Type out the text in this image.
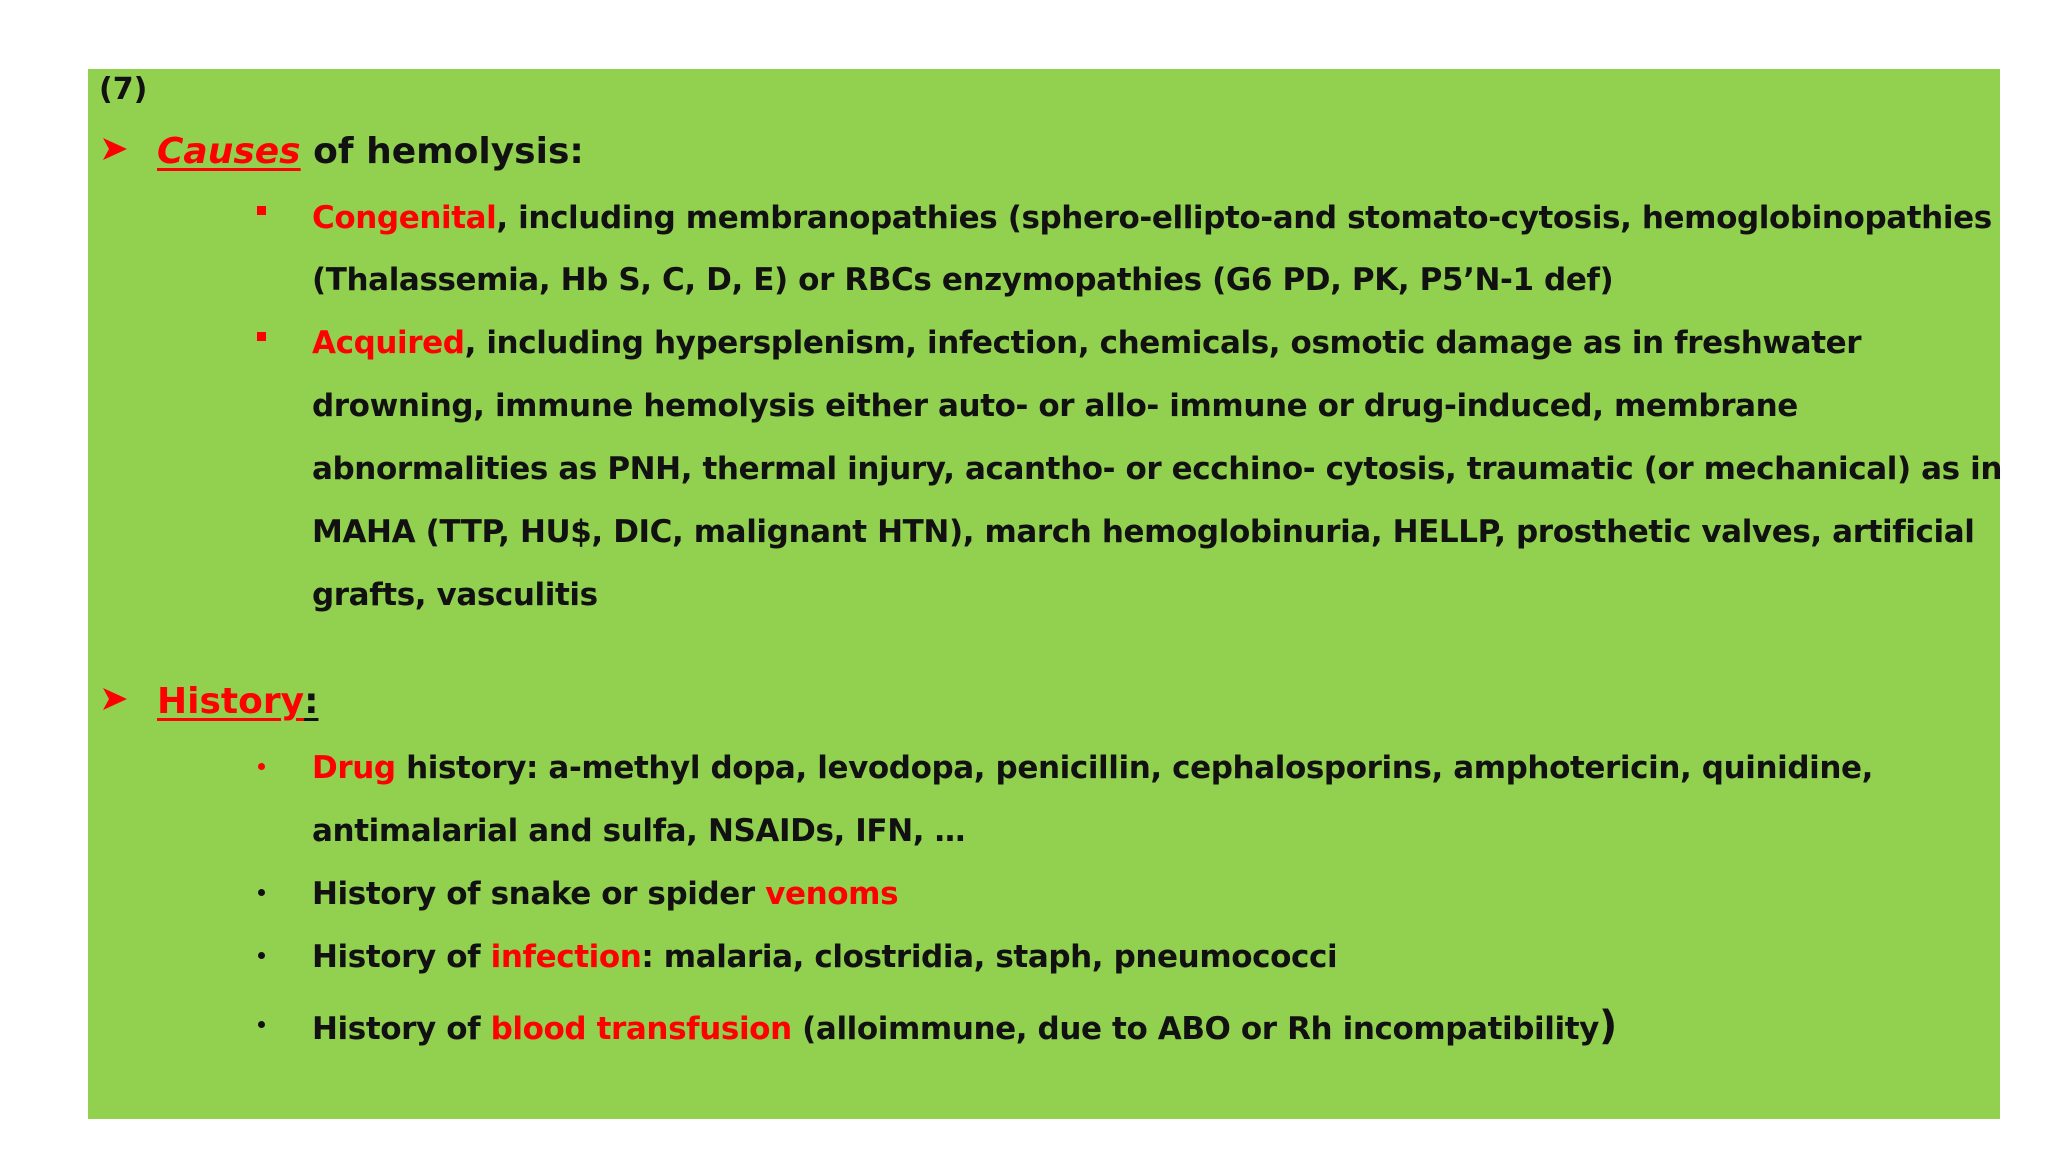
(7)
Causes of hemolysis:
Congenital, including membranopathies (sphero-ellipto-and stomato-cytosis, hemoglobinopathies
(Thalassemia, Hb S, C, D, E) or RBCs enzymopathies (G6 PD, PK, P5’N-1 def)
Acquired, including hypersplenism, infection, chemicals, osmotic damage as in freshwater
drowning, immune hemolysis either auto- or allo- immune or drug-induced, membrane
abnormalities as PNH, thermal injury, acantho- or ecchino- cytosis, traumatic (or mechanical) as in
MAHA (TTP, HU$, DIC, malignant HTN), march hemoglobinuria, HELLP, prosthetic valves, artificial
grafts, vasculitis
History:
Drug history: a-methyl dopa, levodopa, penicillin, cephalosporins, amphotericin, quinidine,
antimalarial and sulfa, NSAIDs, IFN, …
History of snake or spider venoms
History of infection: malaria, clostridia, staph, pneumococci
History of blood transfusion (alloimmune, due to ABO or Rh incompatibility)
